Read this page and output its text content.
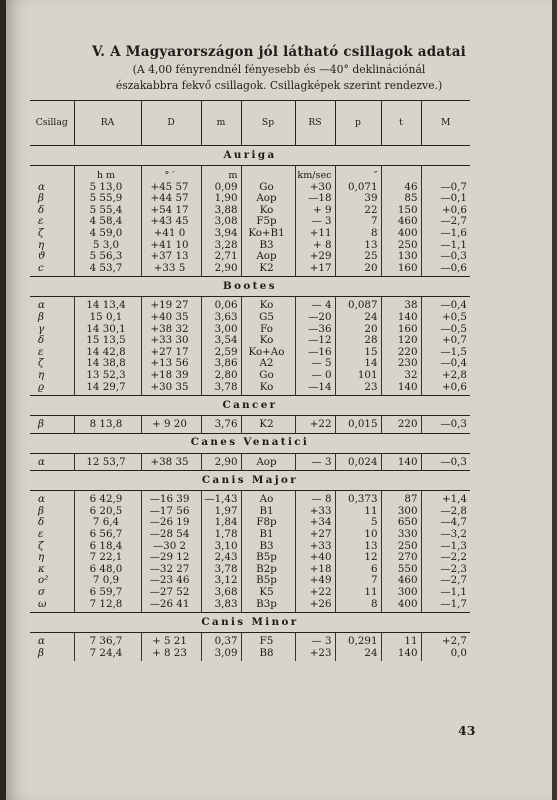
V. A Magyarországon jól látható csillagok adatai
(A 4,00 fényrendnél fényesebb és —40° deklinációnál
északabbra fekvő csillagok. Csillagképek szerint rendezve.)
Csillag	RA	D	m	Sp	RS	p	t	M
Auriga								
	h m	° ′	m		km/sec	″		
α	5 13,0	+45 57	0,09	Go	+30	0,071	46	—0,7
β	5 55,9	+44 57	1,90	Aop	—18	39	85	—0,1
δ	5 55,4	+54 17	3,88	Ko	+ 9	22	150	+0,6
ε	4 58,4	+43 45	3,08	F5p	— 3	7	460	—2,7
ζ	4 59,0	+41 0	3,94	Ko+B1	+11	8	400	—1,6
η	5 3,0	+41 10	3,28	B3	+ 8	13	250	—1,1
ϑ	5 56,3	+37 13	2,71	Aop	+29	25	130	—0,3
c	4 53,7	+33 5	2,90	K2	+17	20	160	—0,6
Bootes								
α	14 13,4	+19 27	0,06	Ko	— 4	0,087	38	—0,4
β	15 0,1	+40 35	3,63	G5	—20	24	140	+0,5
γ	14 30,1	+38 32	3,00	Fo	—36	20	160	—0,5
δ	15 13,5	+33 30	3,54	Ko	—12	28	120	+0,7
ε	14 42,8	+27 17	2,59	Ko+Ao	—16	15	220	—1,5
ζ	14 38,8	+13 56	3,86	A2	— 5	14	230	—0,4
η	13 52,3	+18 39	2,80	Go	— 0	101	32	+2,8
ϱ	14 29,7	+30 35	3,78	Ko	—14	23	140	+0,6
Cancer								
β	8 13,8	+ 9 20	3,76	K2	+22	0,015	220	—0,3
Canes Venatici								
α	12 53,7	+38 35	2,90	Aop	— 3	0,024	140	—0,3
Canis Major								
α	6 42,9	—16 39	—1,43	Ao	— 8	0,373	87	+1,4
β	6 20,5	—17 56	1,97	B1	+33	11	300	—2,8
δ	7 6,4	—26 19	1,84	F8p	+34	5	650	—4,7
ε	6 56,7	—28 54	1,78	B1	+27	10	330	—3,2
ζ	6 18,4	—30 2	3,10	B3	+33	13	250	—1,3
η	7 22,1	—29 12	2,43	B5p	+40	12	270	—2,2
κ	6 48,0	—32 27	3,78	B2p	+18	6	550	—2,3
o²	7 0,9	—23 46	3,12	B5p	+49	7	460	—2,7
σ	6 59,7	—27 52	3,68	K5	+22	11	300	—1,1
ω	7 12,8	—26 41	3,83	B3p	+26	8	400	—1,7
Canis Minor								
α	7 36,7	+ 5 21	0,37	F5	— 3	0,291	11	+2,7
β	7 24,4	+ 8 23	3,09	B8	+23	24	140	0,0
43
